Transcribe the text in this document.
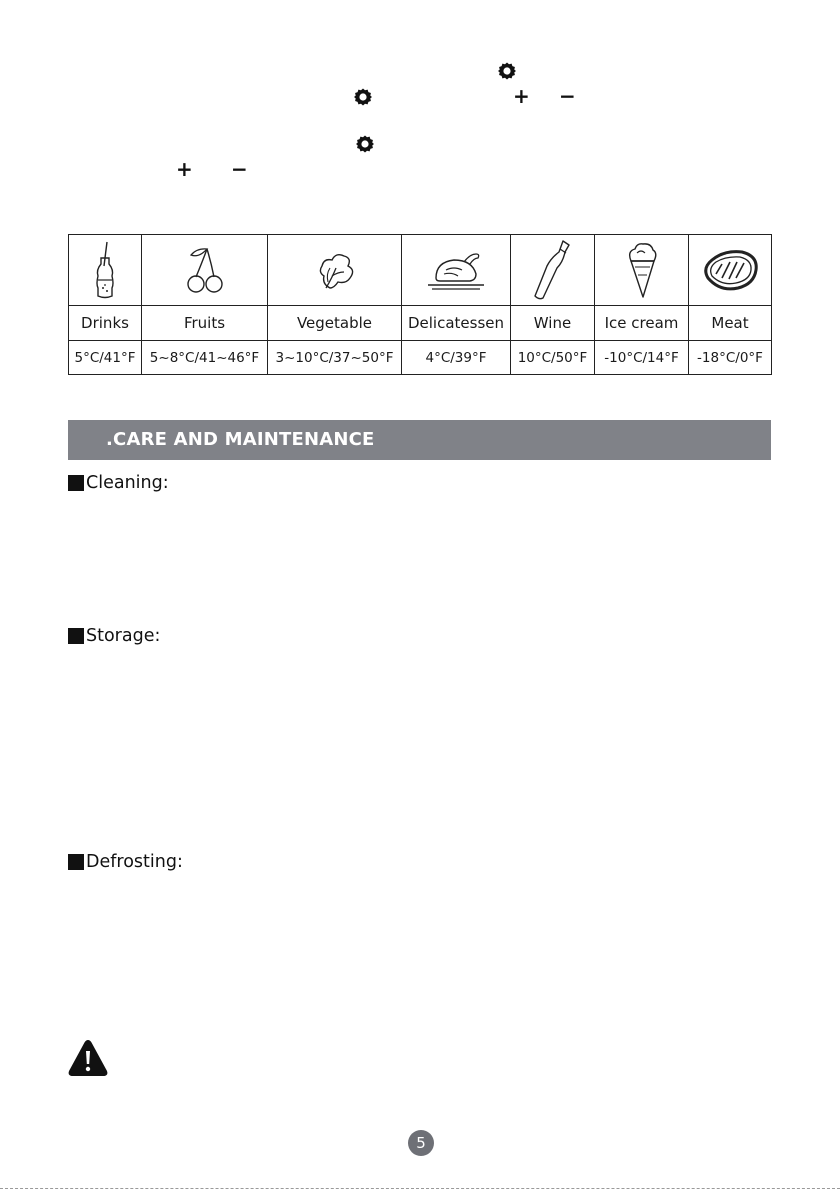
+ −
+ −

Drinks	Fruits	Vegetable	Delicatessen	Wine	Ice cream	Meat
5°C/41°F	5~8°C/41~46°F	3~10°C/37~50°F	4°C/39°F	10°C/50°F	-10°C/14°F	-18°C/0°F
.CARE AND MAINTENANCE
Cleaning:
Storage:
Defrosting:
5
